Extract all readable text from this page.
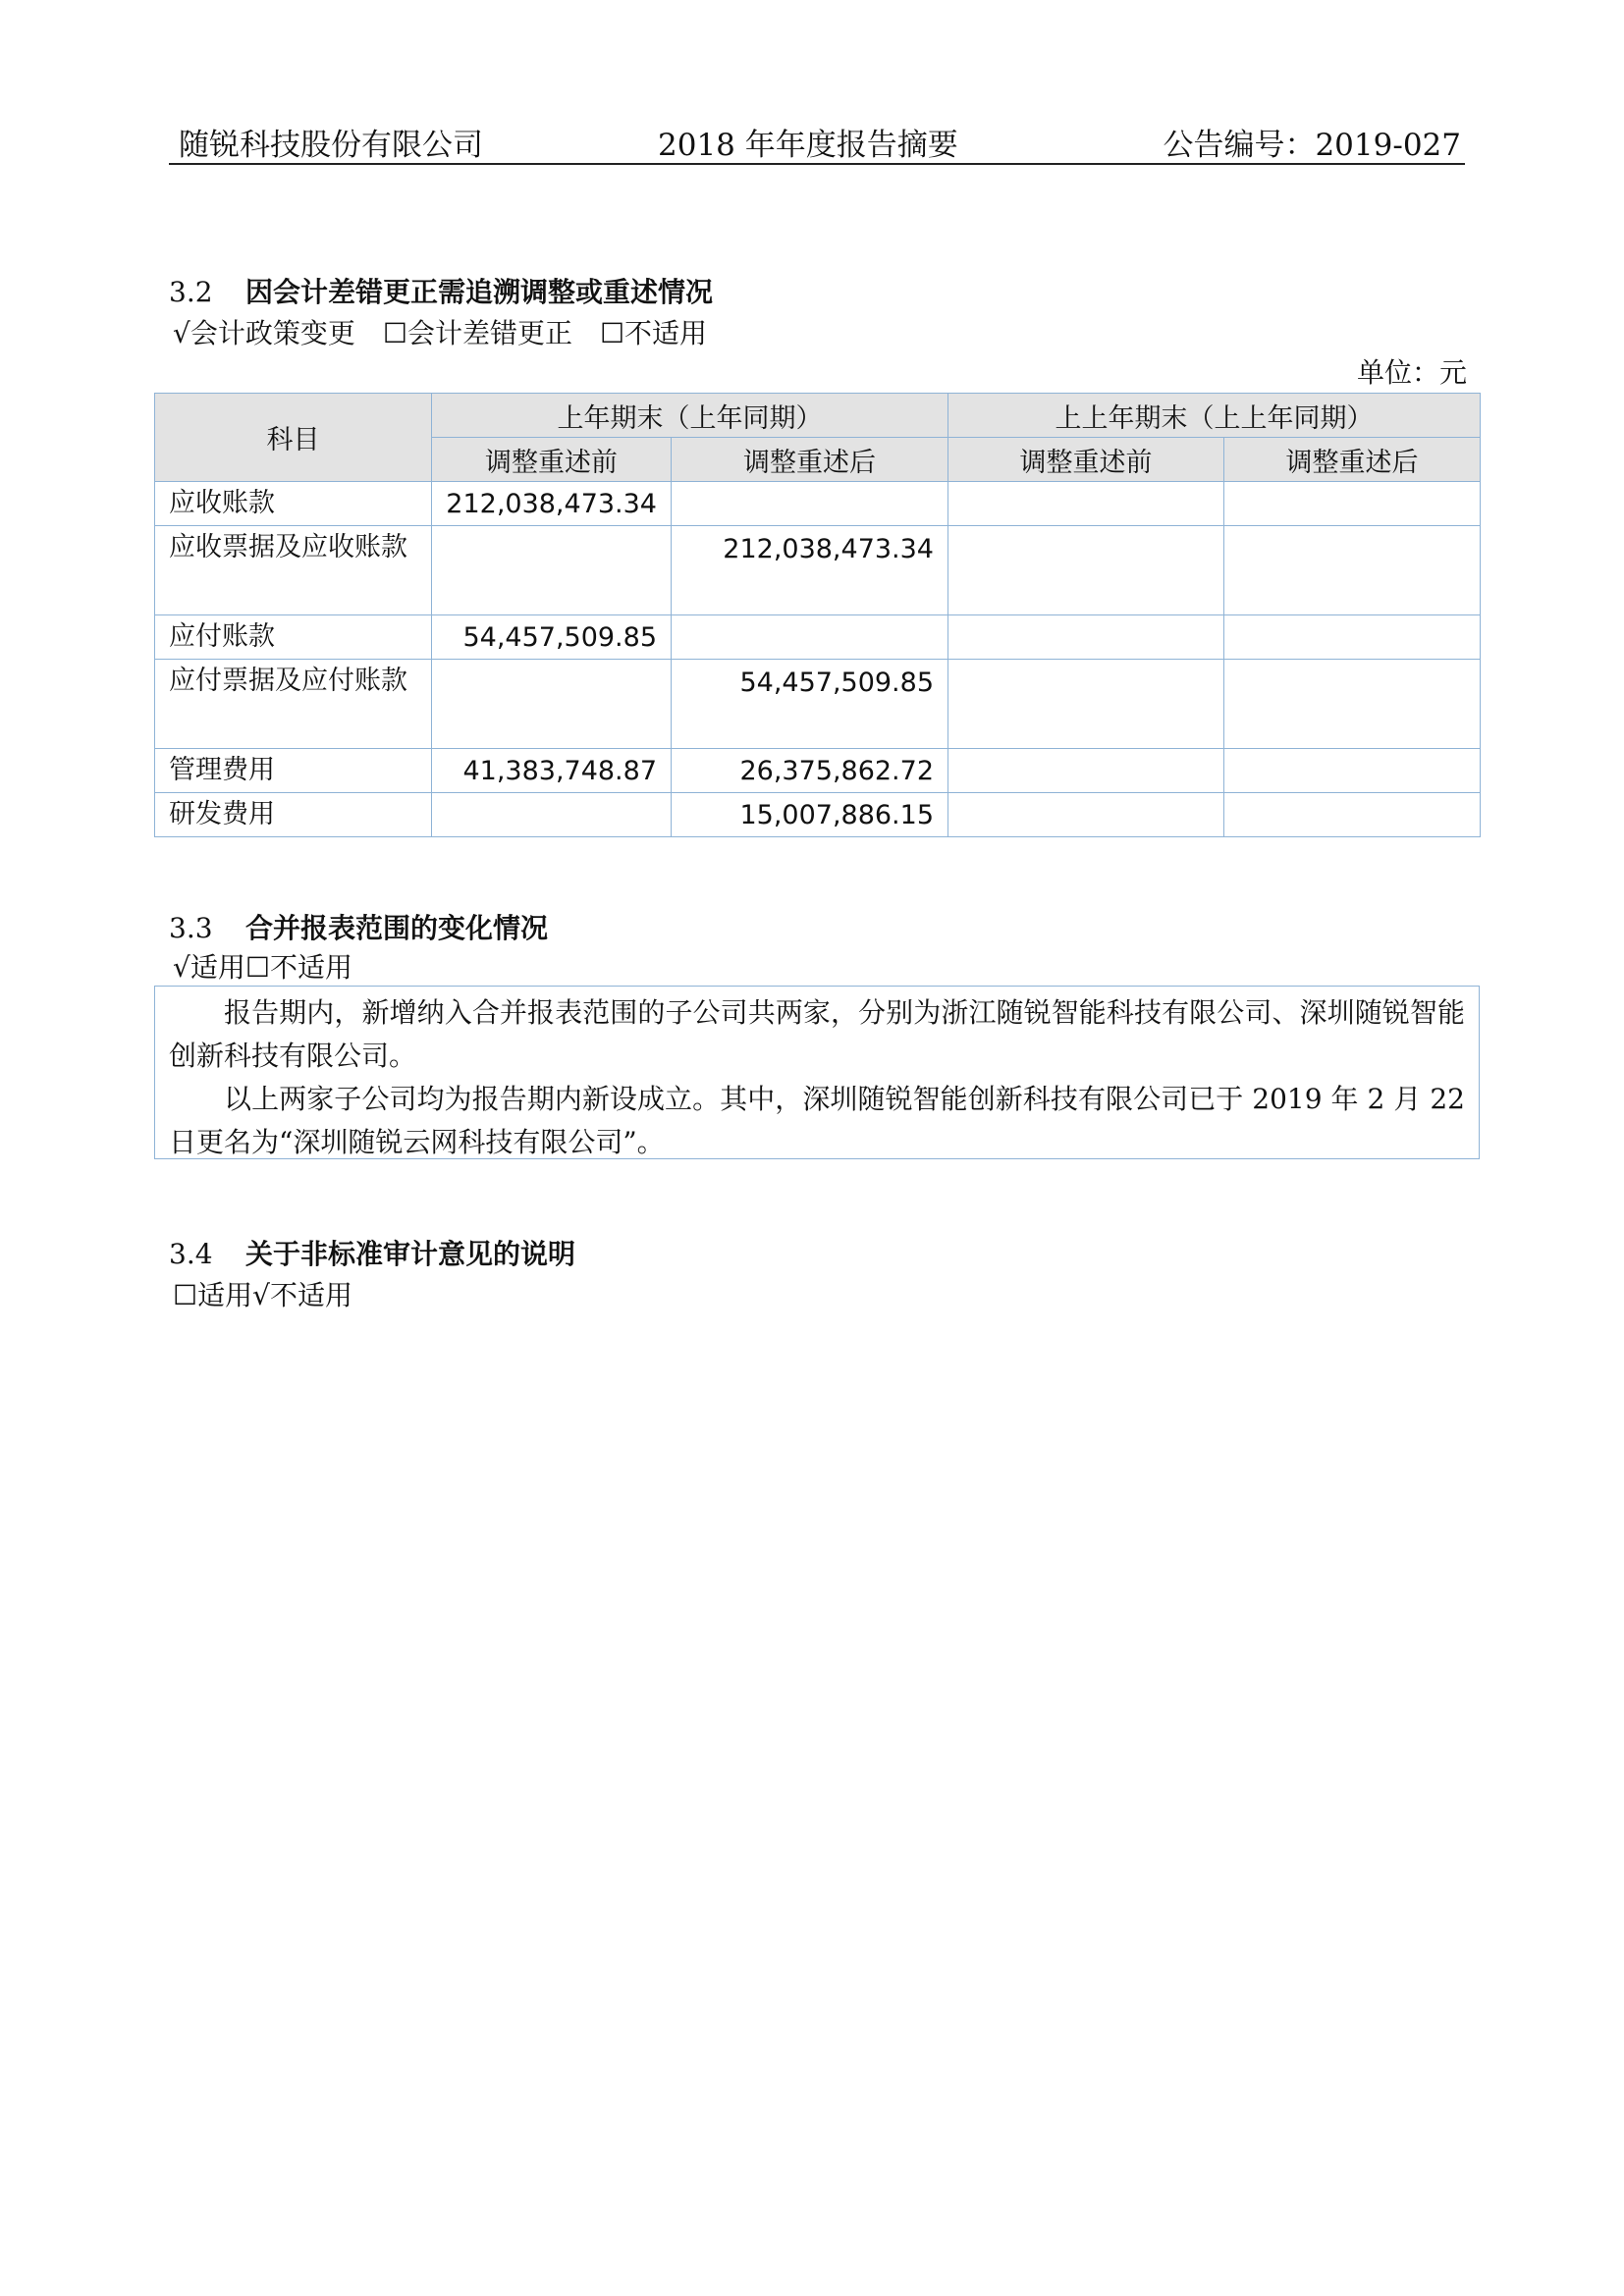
随锐科技股份有限公司	2018 年年度报告摘要	公告编号：2019-027
3.2 因会计差错更正需追溯调整或重述情况
√会计政策变更　☐会计差错更正　☐不适用
单位：元
科目	上年期末（上年同期）		上上年期末（上上年同期）	
	调整重述前	调整重述后	调整重述前	调整重述后
应收账款	212,038,473.34			
应收票据及应收账款		212,038,473.34		
应付账款	54,457,509.85			
应付票据及应付账款		54,457,509.85		
管理费用	41,383,748.87	26,375,862.72		
研发费用		15,007,886.15		
3.3 合并报表范围的变化情况
√适用☐不适用

报告期内，新增纳入合并报表范围的子公司共两家，分别为浙江随锐智能科技有限公司、深圳随锐智能创新科技有限公司。

以上两家子公司均为报告期内新设成立。其中，深圳随锐智能创新科技有限公司已于 2019 年 2 月 22 日更名为“深圳随锐云网科技有限公司”。

3.4 关于非标准审计意见的说明
☐适用√不适用
